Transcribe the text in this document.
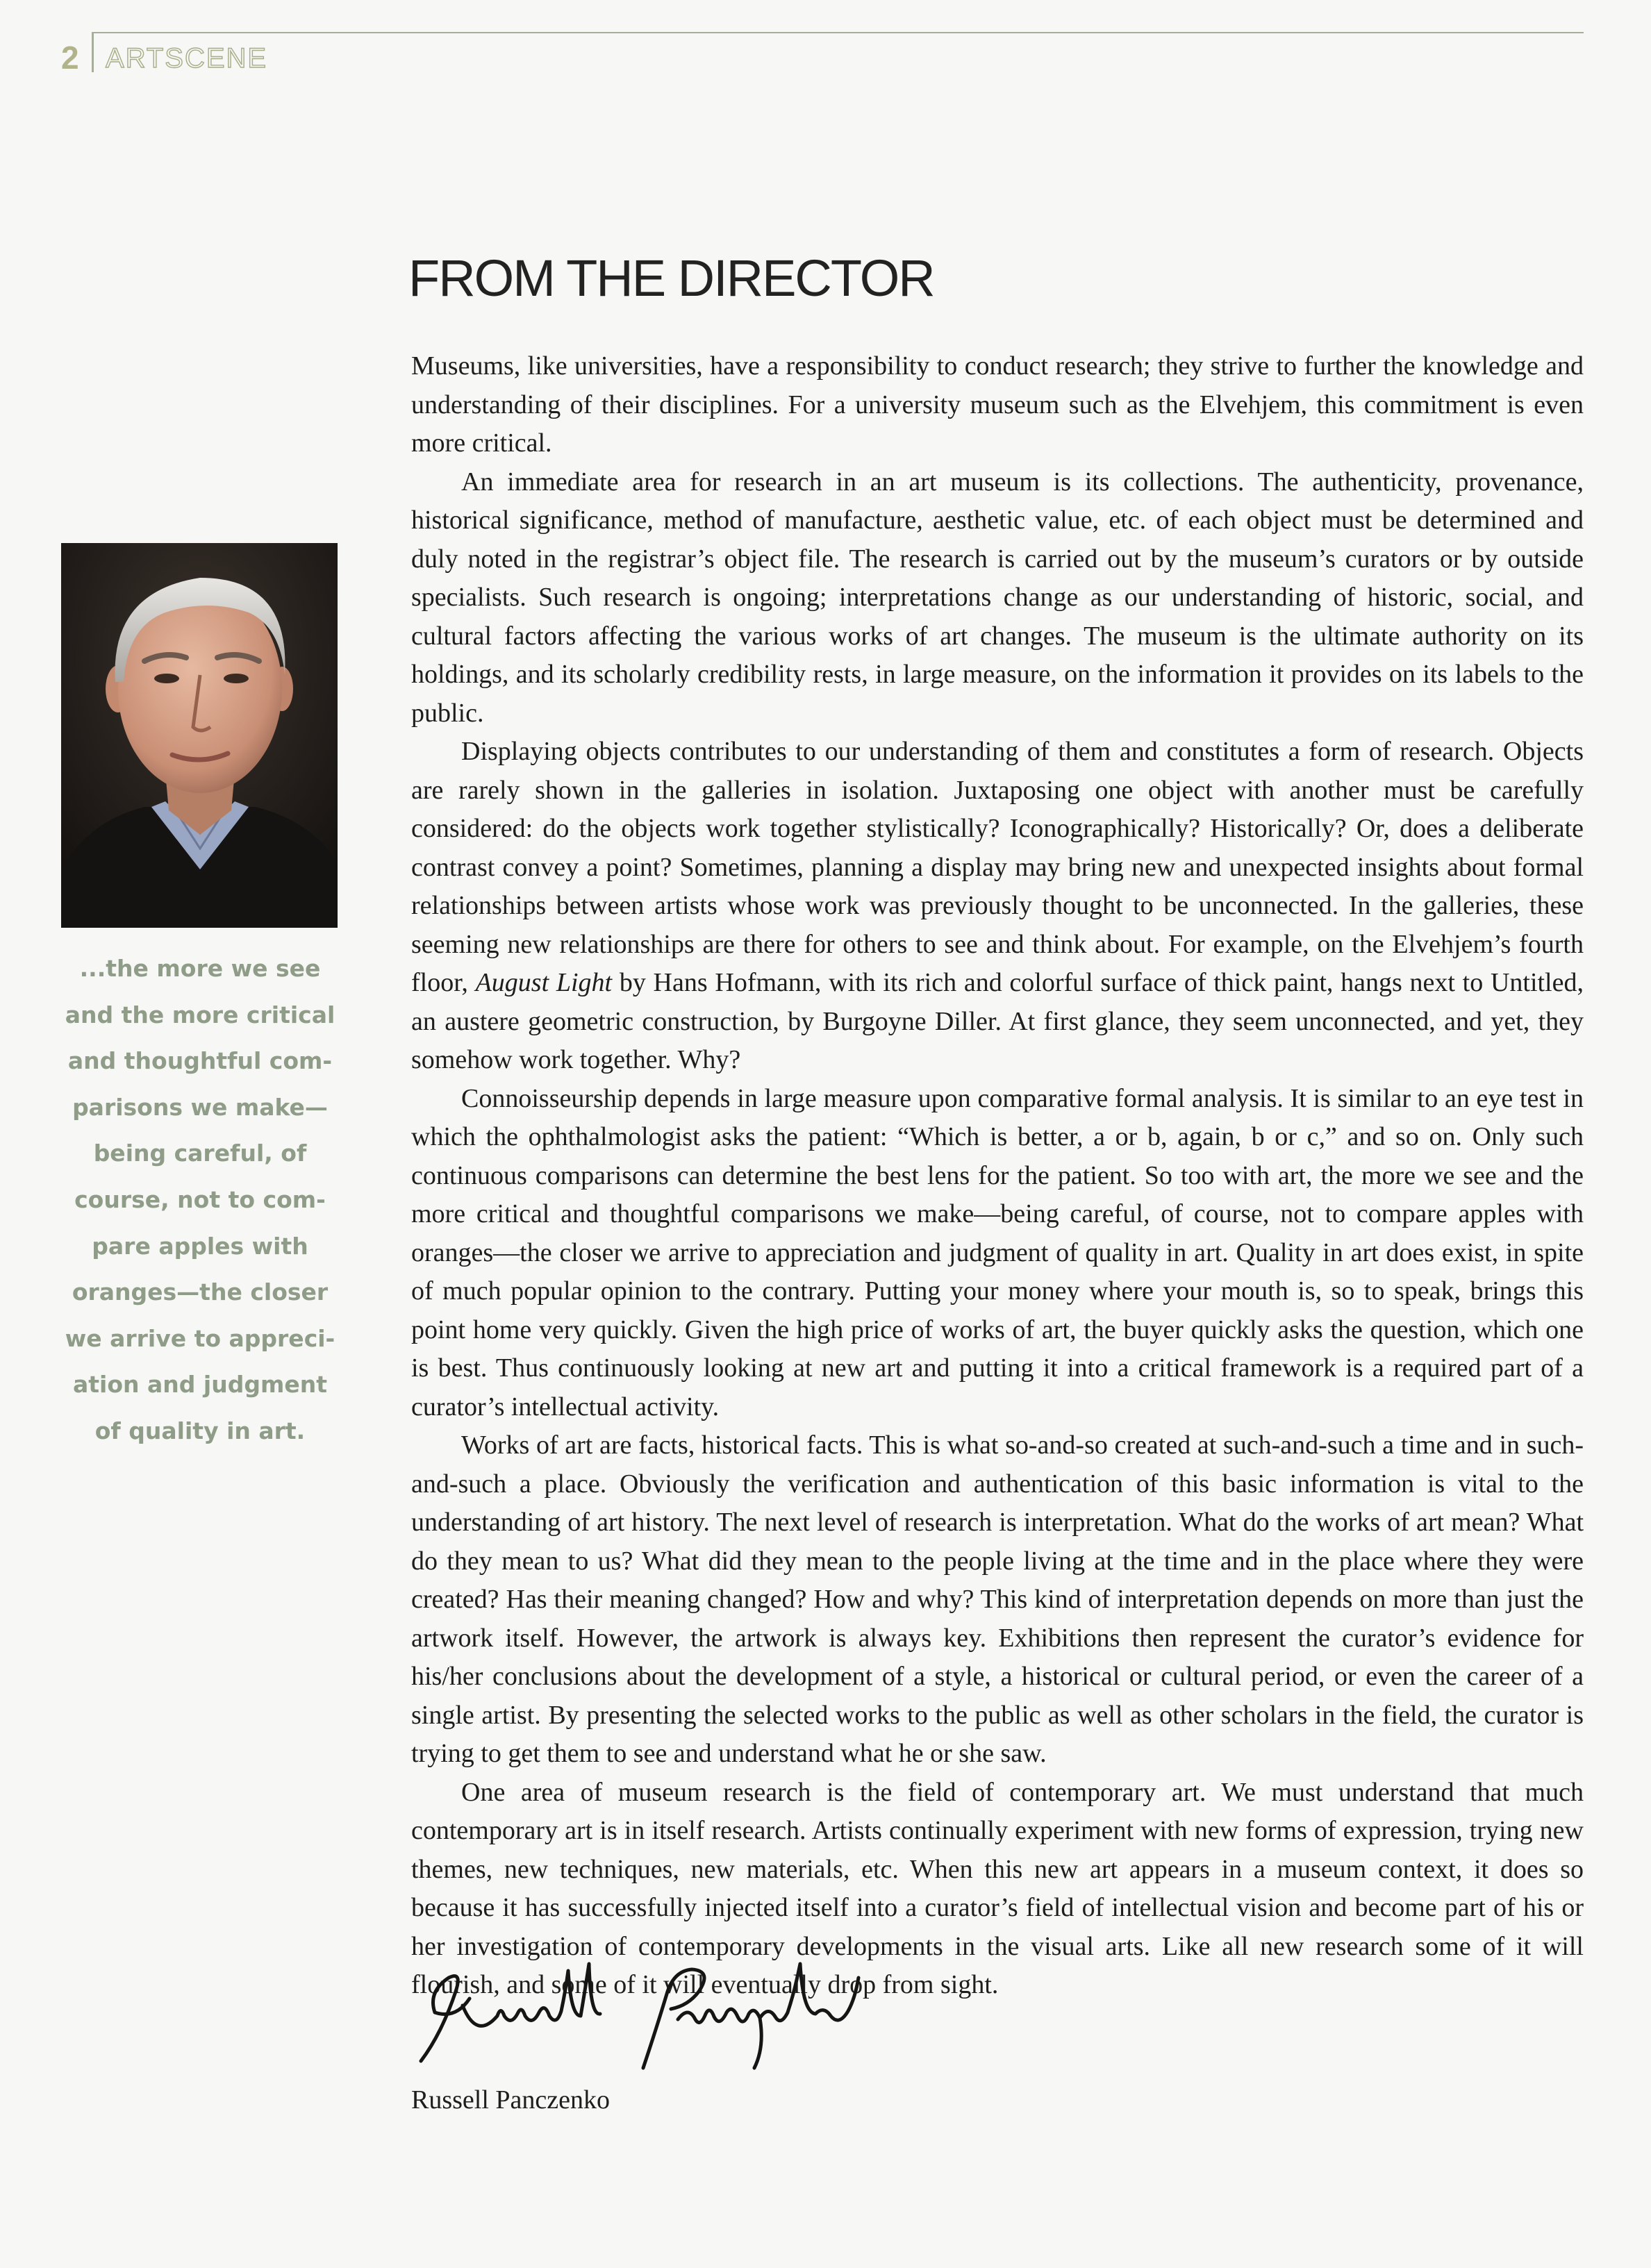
2 ARTSCENE
FROM THE DIRECTOR
...the more we see
and the more critical
and thoughtful com-
parisons we make—
being careful, of
course, not to com-
pare apples with
oranges—the closer
we arrive to appreci-
ation and judgment
of quality in art.

Museums, like universities, have a responsibility to conduct research; they strive to further the knowledge and understanding of their disciplines. For a university museum such as the Elvehjem, this commitment is even more critical.

An immediate area for research in an art museum is its collections. The authenticity, provenance, historical significance, method of manufacture, aesthetic value, etc. of each object must be determined and duly noted in the registrar’s object file. The research is carried out by the museum’s curators or by outside specialists. Such research is ongoing; interpretations change as our understanding of historic, social, and cultural factors affecting the various works of art changes. The museum is the ultimate authority on its holdings, and its scholarly credibility rests, in large measure, on the information it provides on its labels to the public.

Displaying objects contributes to our understanding of them and constitutes a form of research. Objects are rarely shown in the galleries in isolation. Juxtaposing one object with another must be carefully considered: do the objects work together stylistically? Iconographically? Historically? Or, does a deliberate contrast convey a point? Sometimes, planning a display may bring new and unexpected insights about formal relationships between artists whose work was previously thought to be unconnected. In the galleries, these seeming new relationships are there for others to see and think about. For example, on the Elvehjem’s fourth floor, August Light by Hans Hofmann, with its rich and colorful surface of thick paint, hangs next to Untitled, an austere geometric construction, by Burgoyne Diller. At first glance, they seem unconnected, and yet, they somehow work together. Why?

Connoisseurship depends in large measure upon comparative formal analysis. It is similar to an eye test in which the ophthalmologist asks the patient: “Which is better, a or b, again, b or c,” and so on. Only such continuous comparisons can determine the best lens for the patient. So too with art, the more we see and the more critical and thoughtful comparisons we make—being careful, of course, not to compare apples with oranges—the closer we arrive to appreciation and judgment of quality in art. Quality in art does exist, in spite of much popular opinion to the contrary. Putting your money where your mouth is, so to speak, brings this point home very quickly. Given the high price of works of art, the buyer quickly asks the question, which one is best. Thus continuously looking at new art and putting it into a critical framework is a required part of a curator’s intellectual activity.

Works of art are facts, historical facts. This is what so-and-so created at such-and-such a time and in such-and-such a place. Obviously the verification and authentication of this basic information is vital to the understanding of art history. The next level of research is interpretation. What do the works of art mean? What do they mean to us? What did they mean to the people living at the time and in the place where they were created? Has their meaning changed? How and why? This kind of interpretation depends on more than just the artwork itself. However, the artwork is always key. Exhibitions then represent the curator’s evidence for his/her conclusions about the development of a style, a historical or cultural period, or even the career of a single artist. By presenting the selected works to the public as well as other scholars in the field, the curator is trying to get them to see and understand what he or she saw.

One area of museum research is the field of contemporary art. We must understand that much contemporary art is in itself research. Artists continually experiment with new forms of expression, trying new themes, new techniques, new materials, etc. When this new art appears in a museum context, it does so because it has successfully injected itself into a curator’s field of intellectual vision and become part of his or her investigation of contemporary developments in the visual arts. Like all new research some of it will flourish, and some of it will eventually drop from sight.

Russell Panczenko
